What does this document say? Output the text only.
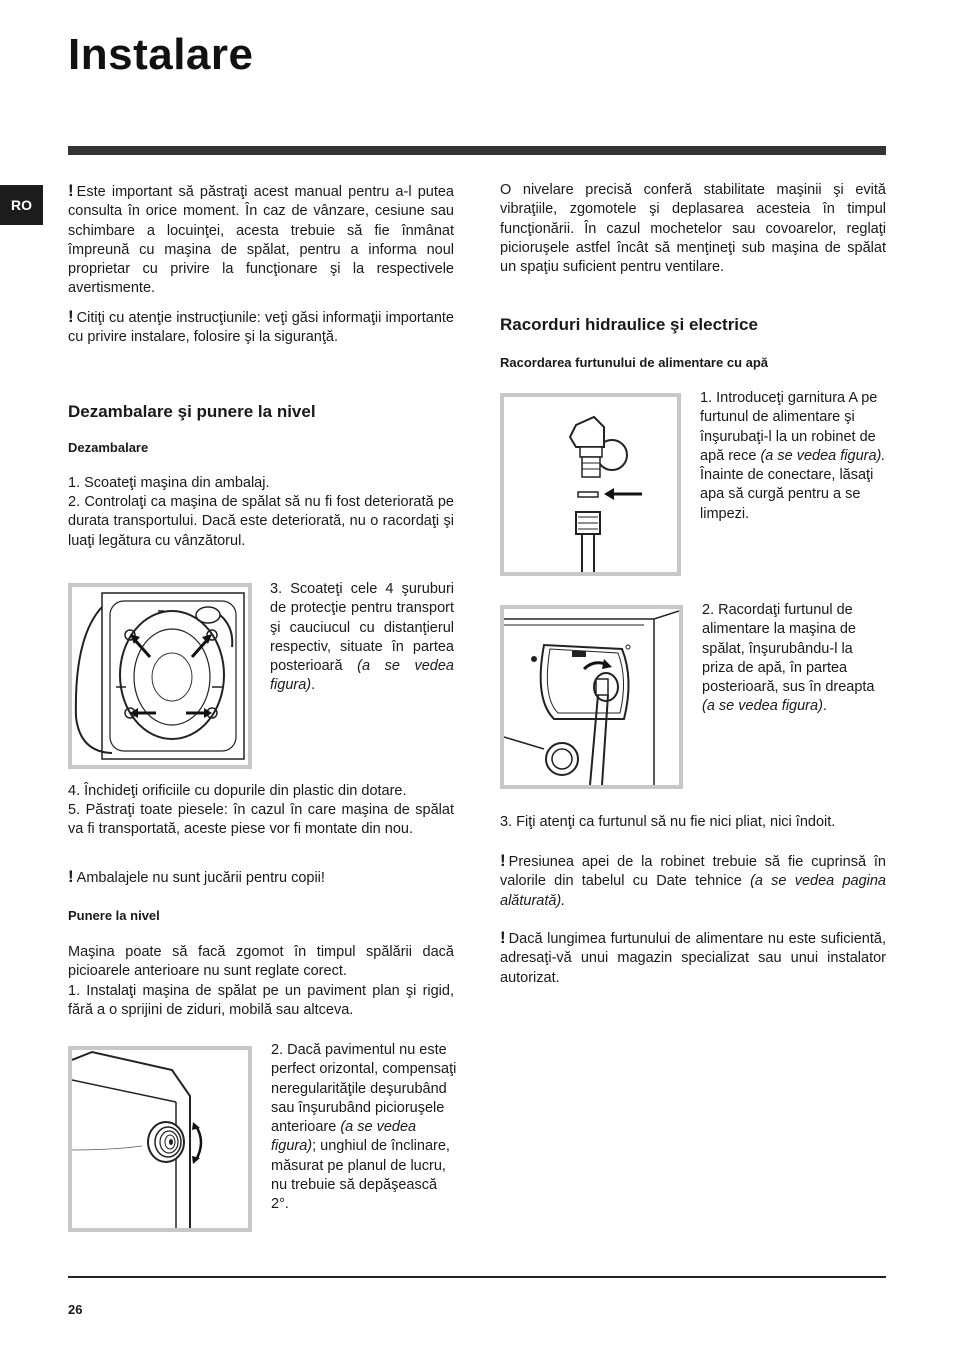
Instalare
RO

! Este important să păstraţi acest manual pentru a-l putea consulta în orice moment. În caz de vânzare, cesiune sau schimbare a locuinţei, acesta trebuie să fie înmânat împreună cu maşina de spălat, pentru a informa noul proprietar cu privire la funcţionare şi la respectivele avertismente.

! Citiţi cu atenţie instrucţiunile: veţi găsi informaţii importante cu privire instalare, folosire şi la siguranţă.

Dezambalare şi punere la nivel
Dezambalare

1. Scoateţi maşina din ambalaj.

2. Controlaţi ca maşina de spălat să nu fi fost deteriorată pe durata transportului. Dacă este deteriorată, nu o racordaţi şi luaţi legătura cu vânzătorul.

3. Scoateţi cele 4 şuruburi de protecţie pentru transport şi cauciucul cu distanţierul respectiv, situate în partea posterioară (a se vedea figura).

4. Închideţi orificiile cu dopurile din plastic din dotare.

5. Păstraţi toate piesele: în cazul în care maşina de spălat va fi transportată, aceste piese vor fi montate din nou.

! Ambalajele nu sunt jucării pentru copii!

Punere la nivel

Maşina poate să facă zgomot în timpul spălării dacă picioarele anterioare nu sunt reglate corect.

1. Instalaţi maşina de spălat pe un paviment plan şi rigid, fără a o sprijini de ziduri, mobilă sau altceva.

2. Dacă pavimentul nu este perfect orizontal, compensaţi neregularităţile deşurubând sau înşurubând picioruşele anterioare (a se vedea figura); unghiul de înclinare, măsurat pe planul de lucru, nu trebuie să depăşească 2°.

O nivelare precisă conferă stabilitate maşinii şi evită vibraţiile, zgomotele şi deplasarea acesteia în timpul funcţionării. În cazul mochetelor sau covoarelor, reglaţi picioruşele astfel încât să menţineţi sub maşina de spălat un spaţiu suficient pentru ventilare.

Racorduri hidraulice şi electrice
Racordarea furtunului de alimentare cu apă

1. Introduceţi garnitura A pe furtunul de alimentare şi înşurubaţi-l la un robinet de apă rece (a se vedea figura). Înainte de conectare, lăsaţi apa să curgă pentru a se limpezi.

2. Racordaţi furtunul de alimentare la maşina de spălat, înşurubându-l la priza de apă, în partea posterioară, sus în dreapta (a se vedea figura).

3. Fiţi atenţi ca furtunul să nu fie nici pliat, nici îndoit.

! Presiunea apei de la robinet trebuie să fie cuprinsă în valorile din tabelul cu Date tehnice (a se vedea pagina alăturată).

! Dacă lungimea furtunului de alimentare nu este suficientă, adresaţi-vă unui magazin specializat sau unui instalator autorizat.

26
